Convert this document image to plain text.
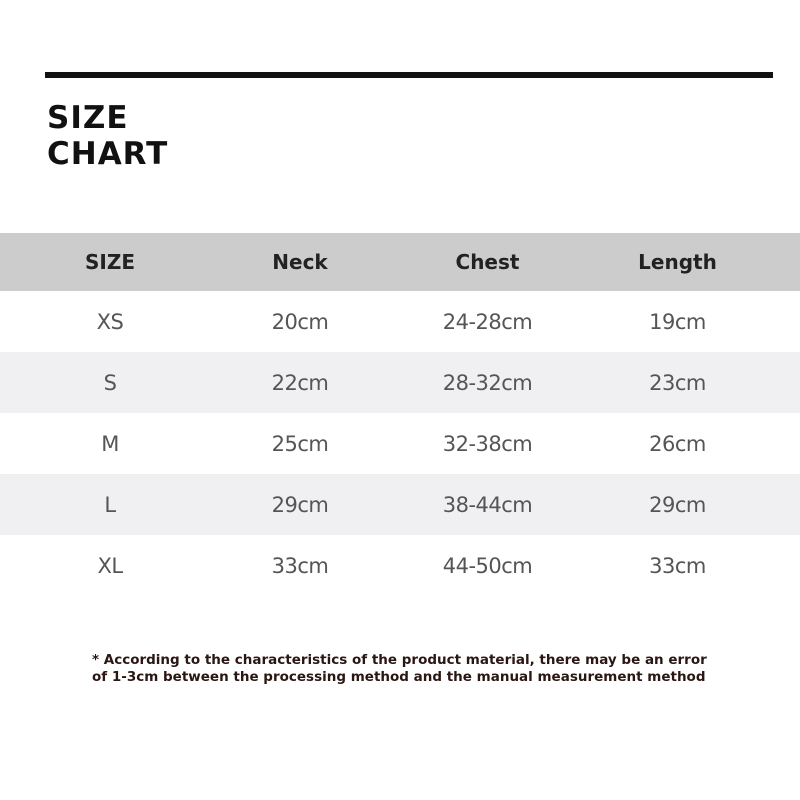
SIZE
CHART
SIZE	Neck	Chest	Length
XS	20cm	24-28cm	19cm
S	22cm	28-32cm	23cm
M	25cm	32-38cm	26cm
L	29cm	38-44cm	29cm
XL	33cm	44-50cm	33cm
* According to the characteristics of the product material, there may be an error
of 1-3cm between the processing method and the manual measurement method
